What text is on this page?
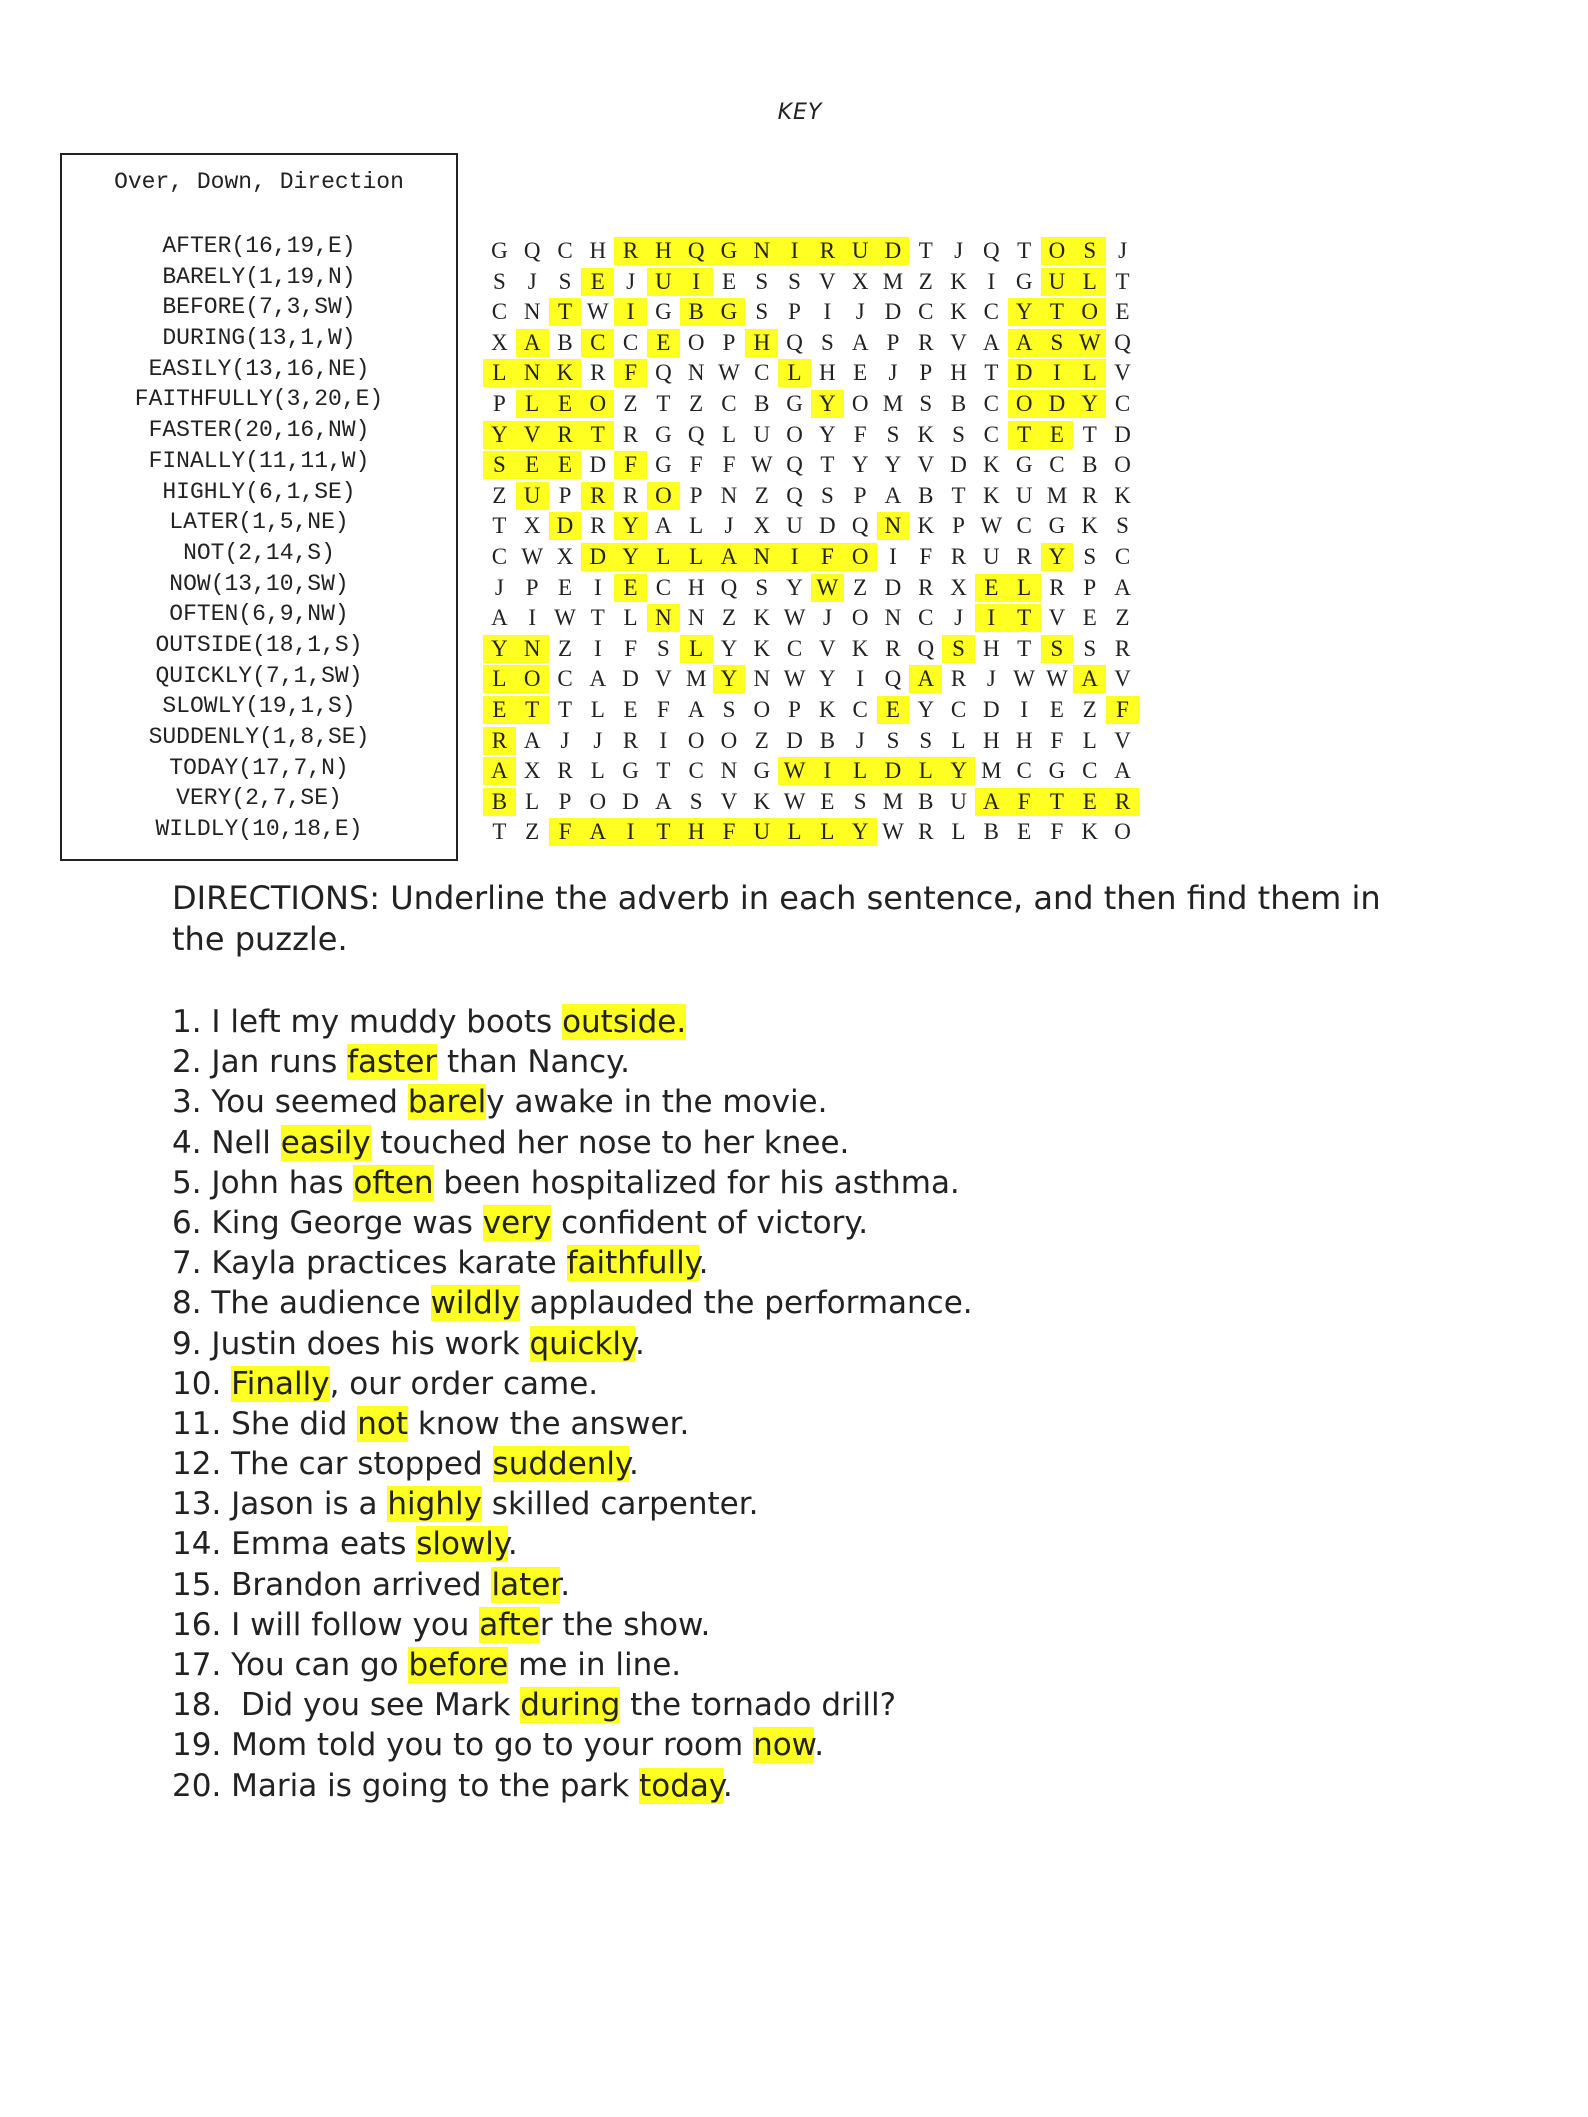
KEY
Over, Down, Direction
AFTER(16,19,E)
BARELY(1,19,N)
BEFORE(7,3,SW)
DURING(13,1,W)
EASILY(13,16,NE)
FAITHFULLY(3,20,E)
FASTER(20,16,NW)
FINALLY(11,11,W)
HIGHLY(6,1,SE)
LATER(1,5,NE)
NOT(2,14,S)
NOW(13,10,SW)
OFTEN(6,9,NW)
OUTSIDE(18,1,S)
QUICKLY(7,1,SW)
SLOWLY(19,1,S)
SUDDENLY(1,8,SE)
TODAY(17,7,N)
VERY(2,7,SE)
WILDLY(10,18,E)
G Q C H R H Q G N I R U D T J Q T O S J
S J S E J U I E S S V X M Z K I G U L T
C N T W I G B G S P I	J D C K C Y T O E
X A B C C E O P H Q S A P R V A A S W Q
L N K R F Q N W C L H E J P H T D I L V
P L E O Z T Z C B G Y O M S B C O D Y C
Y V R T R G Q L U O Y F S K S C T E T D
S E E D F G F F W Q T Y Y V D K G C B O
Z U P R R O P N Z Q S P A B T K U M R K
T X D R Y A L J X U D Q N K P W C G K S
C W X D Y L L A N I F O I F R U R Y S C
J P E I E C H Q S Y W Z D R X E L R P A
A I W T L N N Z K W J O N C J	I T V E Z
Y N Z I F S L Y K C V K R Q S H T S S R
L O C A D V M Y N W Y I Q A R J W W A V
E T T L E F A S O P K C E Y C D I E Z F
R A J	J R I O O Z D B J S S L H H F L V
A X R L G T C N G W I L D L Y M C G C A
B L P O D A S V K W E S M B U A F T E R
T Z F A I T H F U L L Y W R L B E F K O
DIRECTIONS: Underline the adverb in each sentence, and then find them in the puzzle.
1. I left my muddy boots outside.
2. Jan runs faster than Nancy.
3. You seemed barely awake in the movie.
4. Nell easily touched her nose to her knee.
5. John has often been hospitalized for his asthma.
6. King George was very confident of victory.
7. Kayla practices karate faithfully.
8. The audience wildly applauded the performance.
9. Justin does his work quickly.
10. Finally, our order came.
11. She did not know the answer.
12. The car stopped suddenly.
13. Jason is a highly skilled carpenter.
14. Emma eats slowly.
15. Brandon arrived later.
16. I will follow you after the show.
17. You can go before me in line.
18.  Did you see Mark during the tornado drill?
19. Mom told you to go to your room now.
20. Maria is going to the park today.
